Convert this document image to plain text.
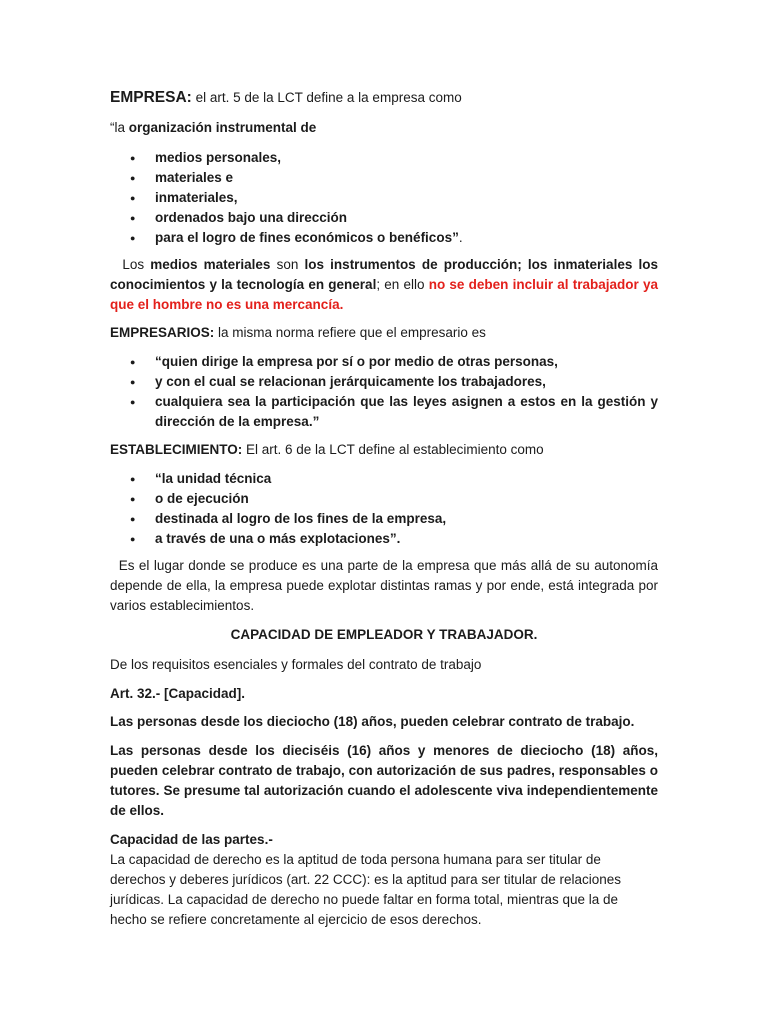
EMPRESA: el art. 5 de la LCT define a la empresa como
“la organización instrumental de
● medios personales,
● materiales e
● inmateriales,
● ordenados bajo una dirección
● para el logro de fines económicos o benéficos”.
Los medios materiales son los instrumentos de producción; los inmateriales los conocimientos y la tecnología en general; en ello no se deben incluir al trabajador ya que el hombre no es una mercancía.
EMPRESARIOS: la misma norma refiere que el empresario es
● “quien dirige la empresa por sí o por medio de otras personas,
● y con el cual se relacionan jerárquicamente los trabajadores,
● cualquiera sea la participación que las leyes asignen a estos en la gestión y dirección de la empresa.”
ESTABLECIMIENTO: El art. 6 de la LCT define al establecimiento como
● “la unidad técnica
● o de ejecución
● destinada al logro de los fines de la empresa,
● a través de una o más explotaciones”.
Es el lugar donde se produce es una parte de la empresa que más allá de su autonomía depende de ella, la empresa puede explotar distintas ramas y por ende, está integrada por varios establecimientos.
CAPACIDAD DE EMPLEADOR Y TRABAJADOR.
De los requisitos esenciales y formales del contrato de trabajo
Art. 32.- [Capacidad].
Las personas desde los dieciocho (18) años, pueden celebrar contrato de trabajo.
Las personas desde los dieciséis (16) años y menores de dieciocho (18) años, pueden celebrar contrato de trabajo, con autorización de sus padres, responsables o tutores. Se presume tal autorización cuando el adolescente viva independientemente de ellos.
Capacidad de las partes.-
La capacidad de derecho es la aptitud de toda persona humana para ser titular de derechos y deberes jurídicos (art. 22 CCC): es la aptitud para ser titular de relaciones jurídicas. La capacidad de derecho no puede faltar en forma total, mientras que la de hecho se refiere concretamente al ejercicio de esos derechos.
